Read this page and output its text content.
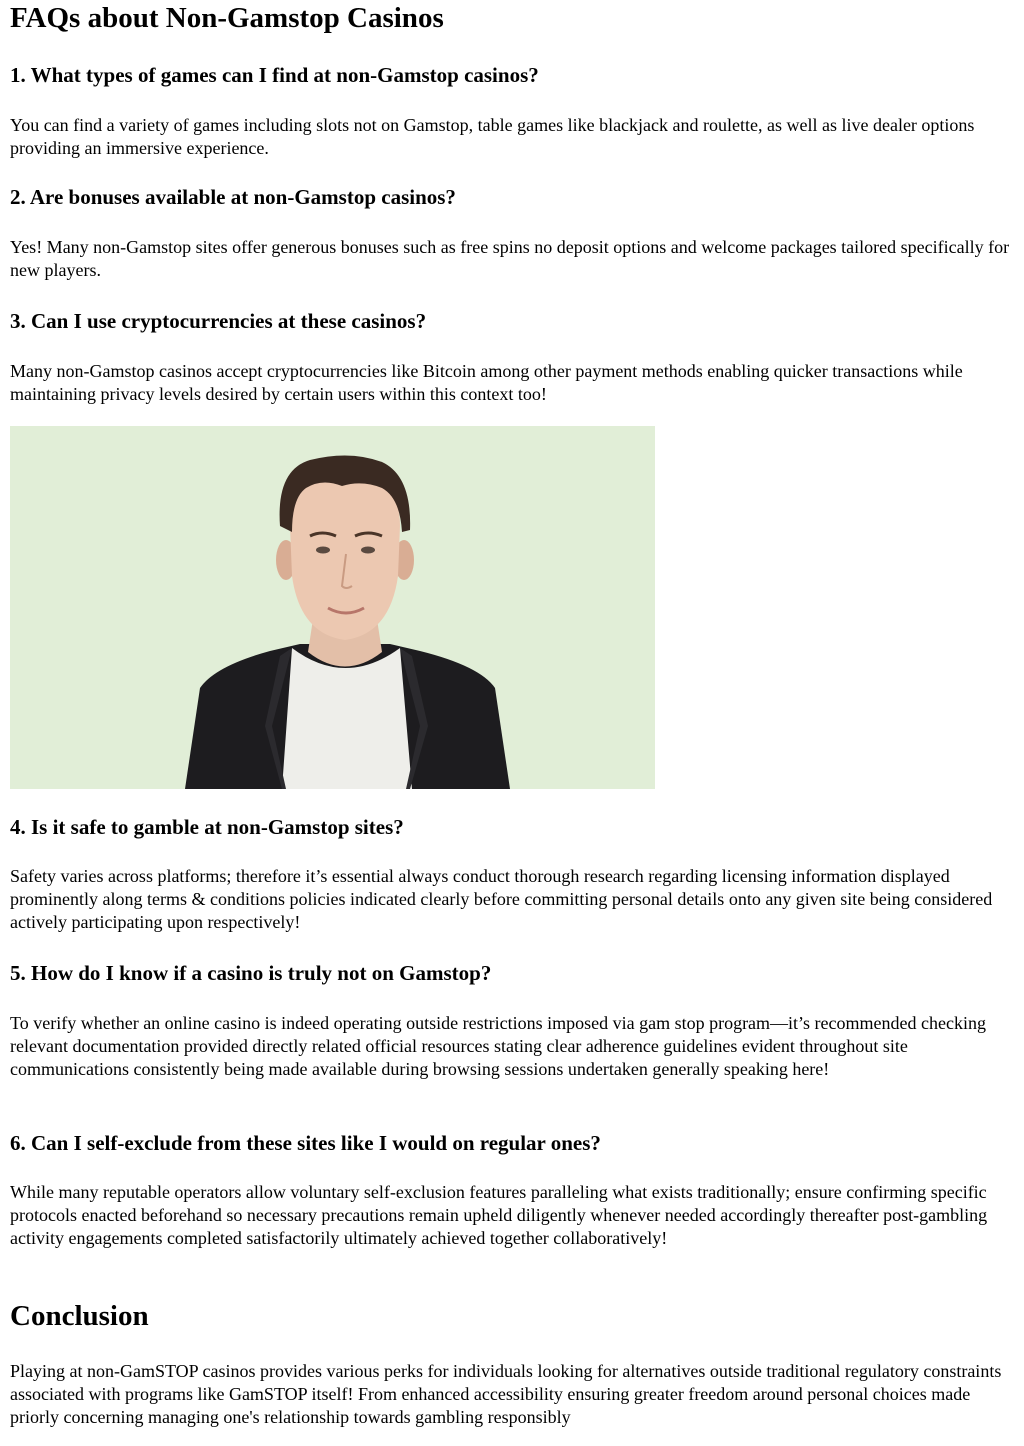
FAQs about Non-Gamstop Casinos
1. What types of games can I find at non-Gamstop casinos?

You can find a variety of games including slots not on Gamstop, table games like blackjack and roulette, as well as live dealer options providing an immersive experience.

2. Are bonuses available at non-Gamstop casinos?

Yes! Many non-Gamstop sites offer generous bonuses such as free spins no deposit options and welcome packages tailored specifically for new players.

3. Can I use cryptocurrencies at these casinos?

Many non-Gamstop casinos accept cryptocurrencies like Bitcoin among other payment methods enabling quicker transactions while maintaining privacy levels desired by certain users within this context too!

4. Is it safe to gamble at non-Gamstop sites?

Safety varies across platforms; therefore it’s essential always conduct thorough research regarding licensing information displayed prominently along terms & conditions policies indicated clearly before committing personal details onto any given site being considered actively participating upon respectively!

5. How do I know if a casino is truly not on Gamstop?

To verify whether an online casino is indeed operating outside restrictions imposed via gam stop program—it’s recommended checking relevant documentation provided directly related official resources stating clear adherence guidelines evident throughout site communications consistently being made available during browsing sessions undertaken generally speaking here!

6. Can I self-exclude from these sites like I would on regular ones?

While many reputable operators allow voluntary self-exclusion features paralleling what exists traditionally; ensure confirming specific protocols enacted beforehand so necessary precautions remain upheld diligently whenever needed accordingly thereafter post-gambling activity engagements completed satisfactorily ultimately achieved together collaboratively!

Conclusion

Playing at non-GamSTOP casinos provides various perks for individuals looking for alternatives outside traditional regulatory constraints associated with programs like GamSTOP itself! From enhanced accessibility ensuring greater freedom around personal choices made priorly concerning managing one's relationship towards gambling responsibly
